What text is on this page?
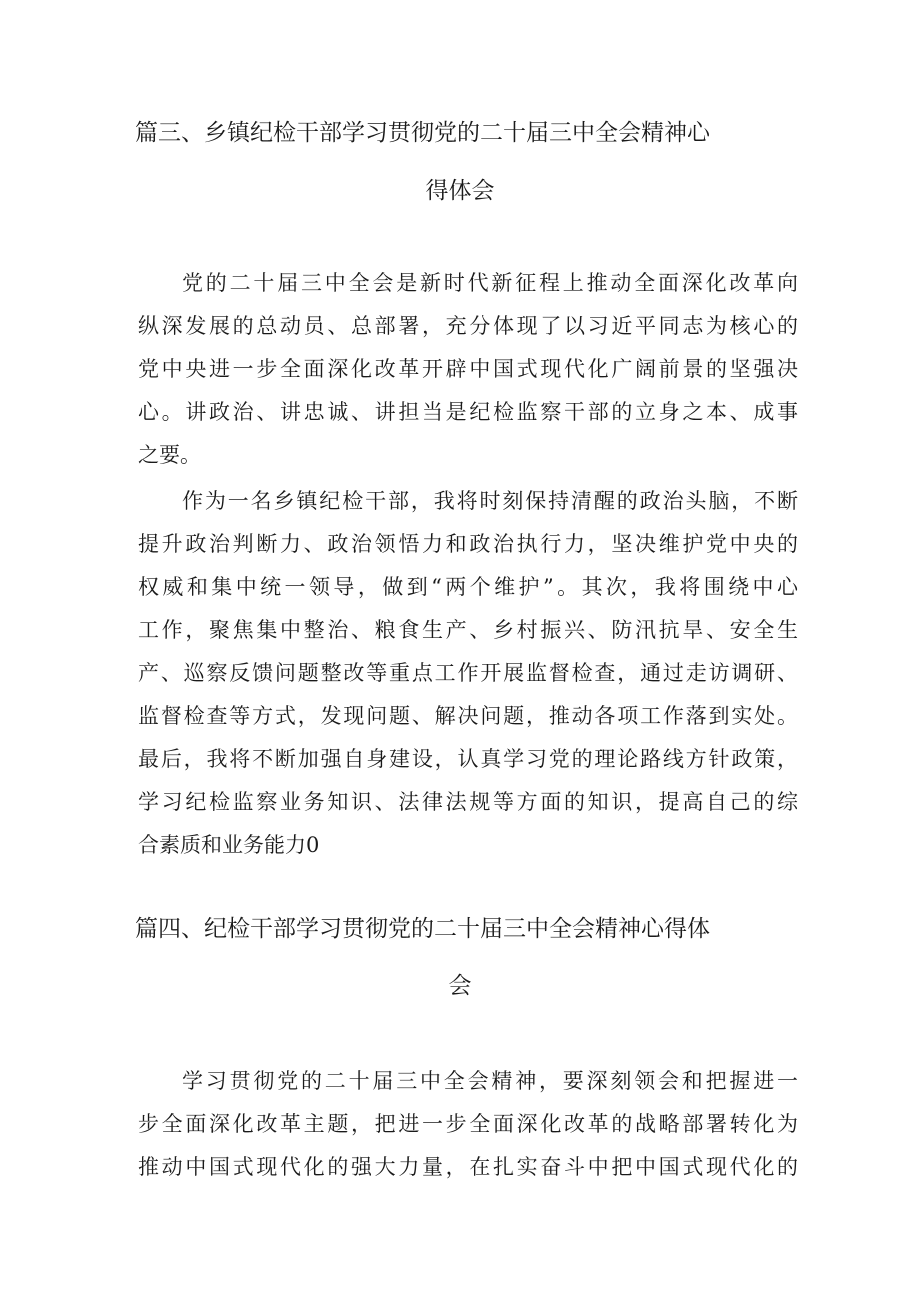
篇三、乡镇纪检干部学习贯彻党的二十届三中全会精神心
得体会
党的二十届三中全会是新时代新征程上推动全面深化改革向
纵深发展的总动员、总部署，充分体现了以习近平同志为核心的
党中央进一步全面深化改革开辟中国式现代化广阔前景的坚强决
心。讲政治、讲忠诚、讲担当是纪检监察干部的立身之本、成事
之要。
作为一名乡镇纪检干部，我将时刻保持清醒的政治头脑，不断
提升政治判断力、政治领悟力和政治执行力，坚决维护党中央的
权威和集中统一领导，做到“两个维护”。其次，我将围绕中心
工作，聚焦集中整治、粮食生产、乡村振兴、防汛抗旱、安全生
产、巡察反馈问题整改等重点工作开展监督检查，通过走访调研、
监督检查等方式，发现问题、解决问题，推动各项工作落到实处。
最后，我将不断加强自身建设，认真学习党的理论路线方针政策，
学习纪检监察业务知识、法律法规等方面的知识，提高自己的综
合素质和业务能力0
篇四、纪检干部学习贯彻党的二十届三中全会精神心得体
会
学习贯彻党的二十届三中全会精神，要深刻领会和把握进一
步全面深化改革主题，把进一步全面深化改革的战略部署转化为
推动中国式现代化的强大力量，在扎实奋斗中把中国式现代化的
